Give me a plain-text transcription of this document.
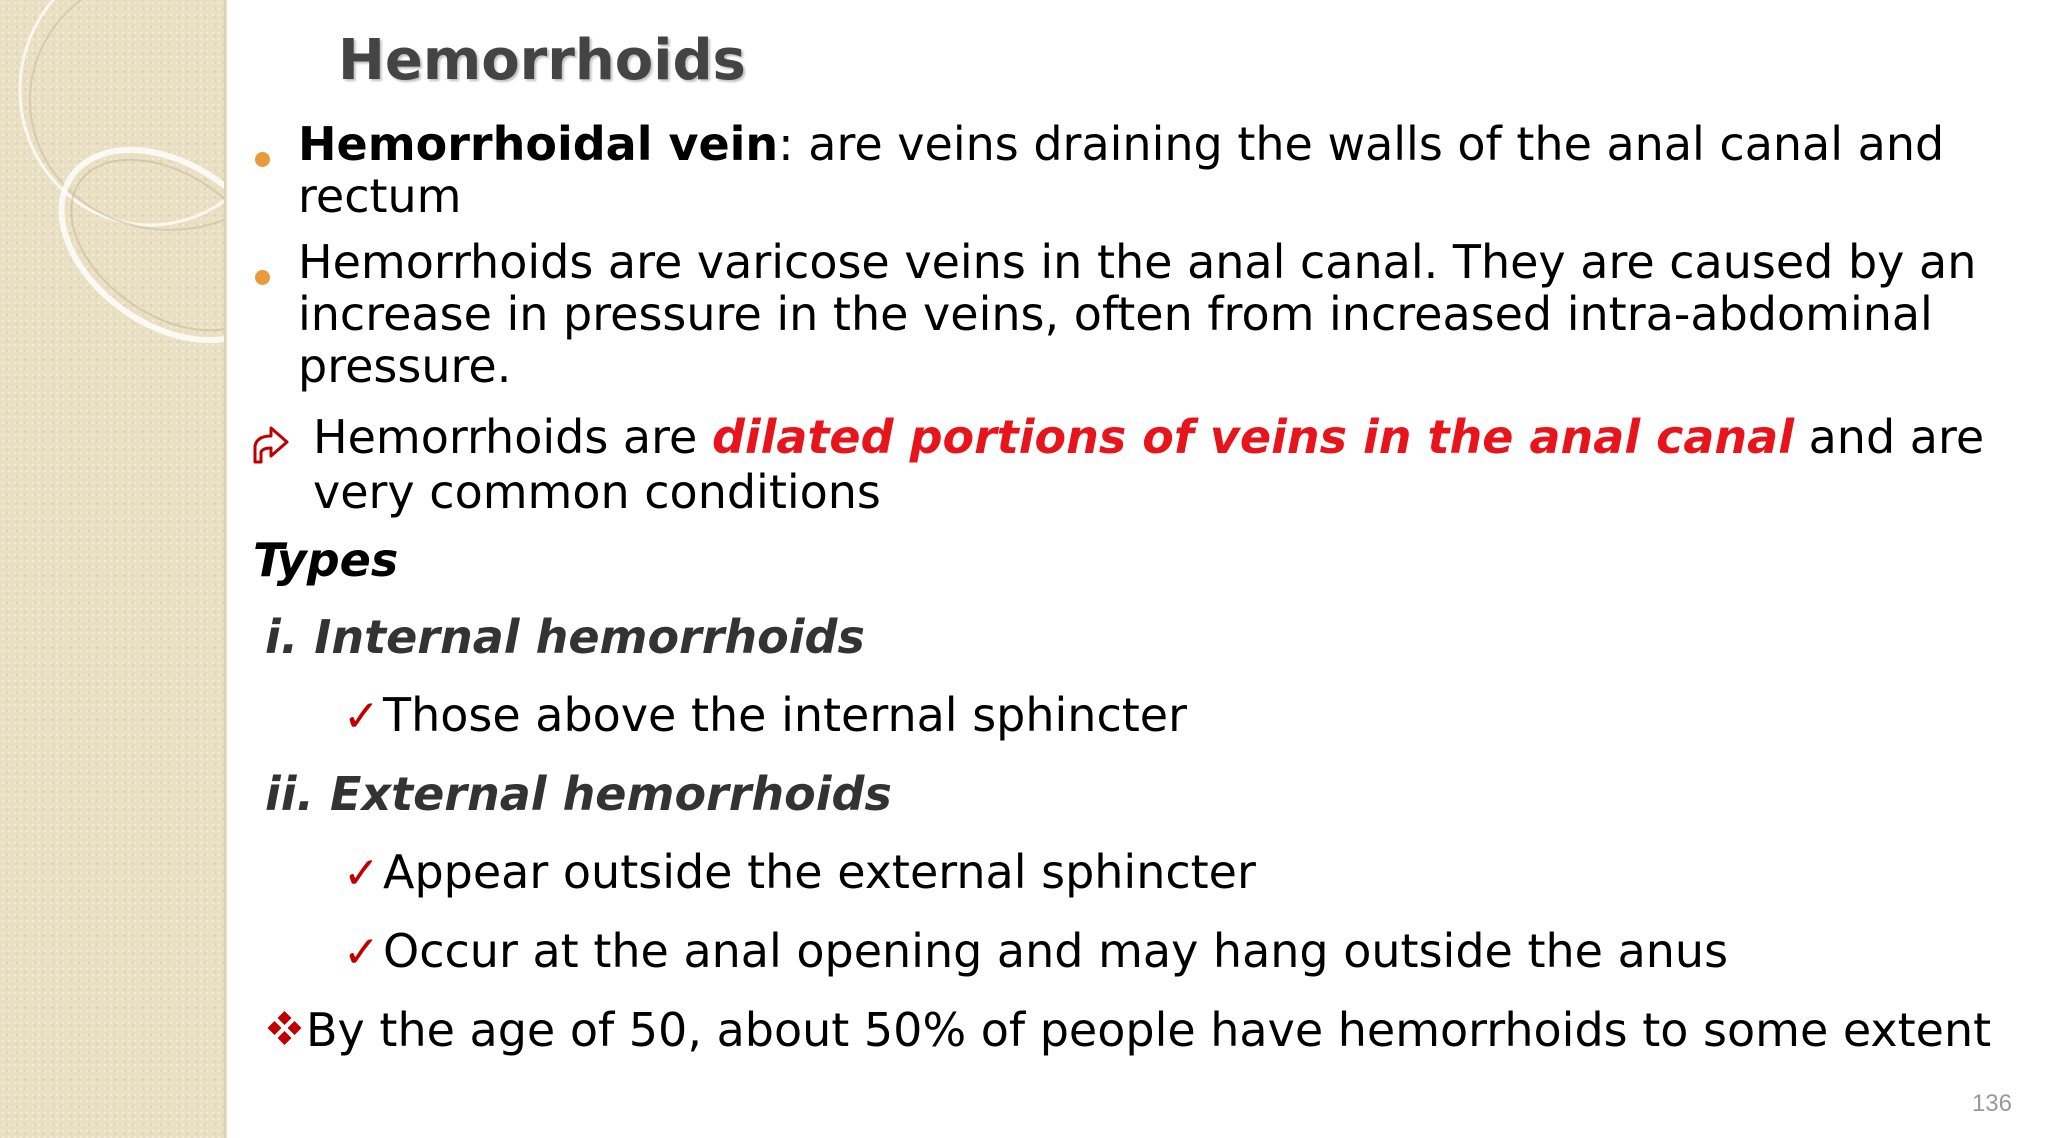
Hemorrhoids
Hemorrhoidal vein: are veins draining the walls of the anal canal and
rectum
Hemorrhoids are varicose veins in the anal canal. They are caused by an
increase in pressure in the veins, often from increased intra-abdominal
pressure.
Hemorrhoids are dilated portions of veins in the anal canal and are
very common conditions
Types
i. Internal hemorrhoids
✓Those above the internal sphincter
ii. External hemorrhoids
✓Appear outside the external sphincter
✓Occur at the anal opening and may hang outside the anus
By the age of 50, about 50% of people have hemorrhoids to some extent
136
